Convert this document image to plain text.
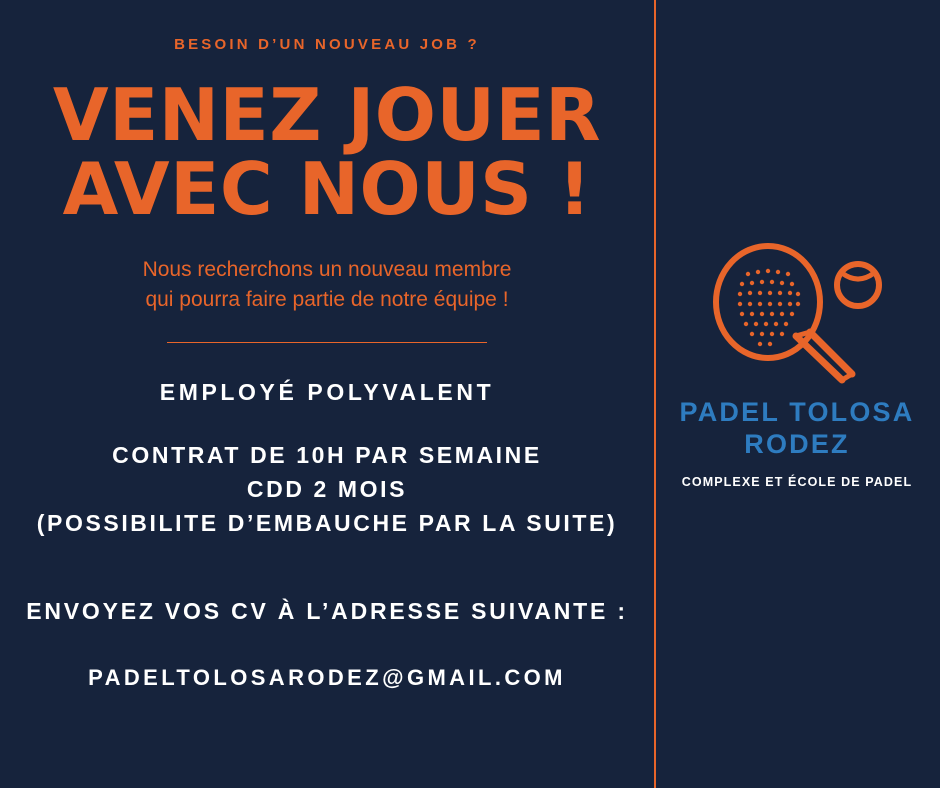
BESOIN D’UN NOUVEAU JOB ?
VENEZ JOUER
AVEC NOUS !
Nous recherchons un nouveau membre
qui pourra faire partie de notre équipe !
EMPLOYÉ POLYVALENT
CONTRAT DE 10H PAR SEMAINE
CDD 2 MOIS
(POSSIBILITE D’EMBAUCHE PAR LA SUITE)
ENVOYEZ VOS CV À L’ADRESSE SUIVANTE :
PADELTOLOSARODEZ@GMAIL.COM
PADEL TOLOSA
RODEZ
COMPLEXE ET ÉCOLE DE PADEL
